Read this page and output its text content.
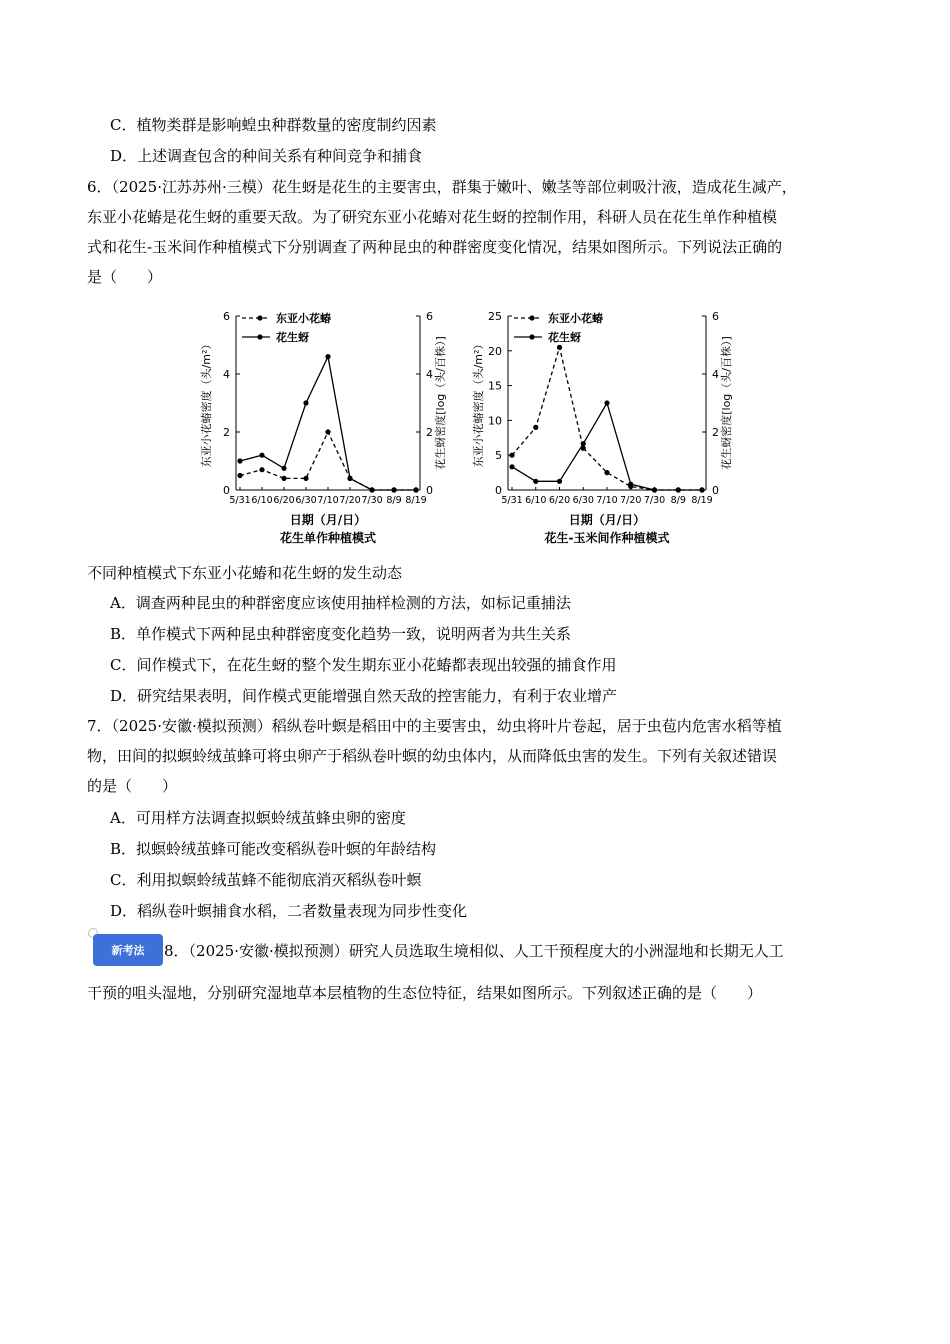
C．植物类群是影响蝗虫种群数量的密度制约因素
D．上述调查包含的种间关系有种间竞争和捕食
6．（2025·江苏苏州·三模）花生蚜是花生的主要害虫，群集于嫩叶、嫩茎等部位刺吸汁液，造成花生减产，
东亚小花蝽是花生蚜的重要天敌。为了研究东亚小花蝽对花生蚜的控制作用，科研人员在花生单作种植模
式和花生-玉米间作种植模式下分别调查了两种昆虫的种群密度变化情况，结果如图所示。下列说法正确的
是（　　）
0
2
4
6
0
2
4
6
5/31 6/10 6/20 6/30 7/10 7/20 7/30 8/9 8/19
东亚小花蝽密度（头/m²）	花生蚜密度[log（头/百株）]
日期（月/日）
花生单作种植模式
东亚小花蝽
花生蚜
0
5
10
15
20
25
0
2
4
6
5/31 6/10 6/20 6/30 7/10 7/20 7/30 8/9 8/19
东亚小花蝽密度（头/m²）	花生蚜密度[log（头/百株）]
日期（月/日）
花生-玉米间作种植模式
东亚小花蝽
花生蚜
不同种植模式下东亚小花蝽和花生蚜的发生动态
A．调查两种昆虫的种群密度应该使用抽样检测的方法，如标记重捕法
B．单作模式下两种昆虫种群密度变化趋势一致，说明两者为共生关系
C．间作模式下，在花生蚜的整个发生期东亚小花蝽都表现出较强的捕食作用
D．研究结果表明，间作模式更能增强自然天敌的控害能力，有利于农业增产
7．（2025·安徽·模拟预测）稻纵卷叶螟是稻田中的主要害虫，幼虫将叶片卷起，居于虫苞内危害水稻等植
物，田间的拟螟蛉绒茧蜂可将虫卵产于稻纵卷叶螟的幼虫体内，从而降低虫害的发生。下列有关叙述错误
的是（　　）
A．可用样方法调查拟螟蛉绒茧蜂虫卵的密度
B．拟螟蛉绒茧蜂可能改变稻纵卷叶螟的年龄结构
C．利用拟螟蛉绒茧蜂不能彻底消灭稻纵卷叶螟
D．稻纵卷叶螟捕食水稻，二者数量表现为同步性变化
新考法	8．（2025·安徽·模拟预测）研究人员选取生境相似、人工干预程度大的小洲湿地和长期无人工
干预的咀头湿地，分别研究湿地草本层植物的生态位特征，结果如图所示。下列叙述正确的是（　　）
